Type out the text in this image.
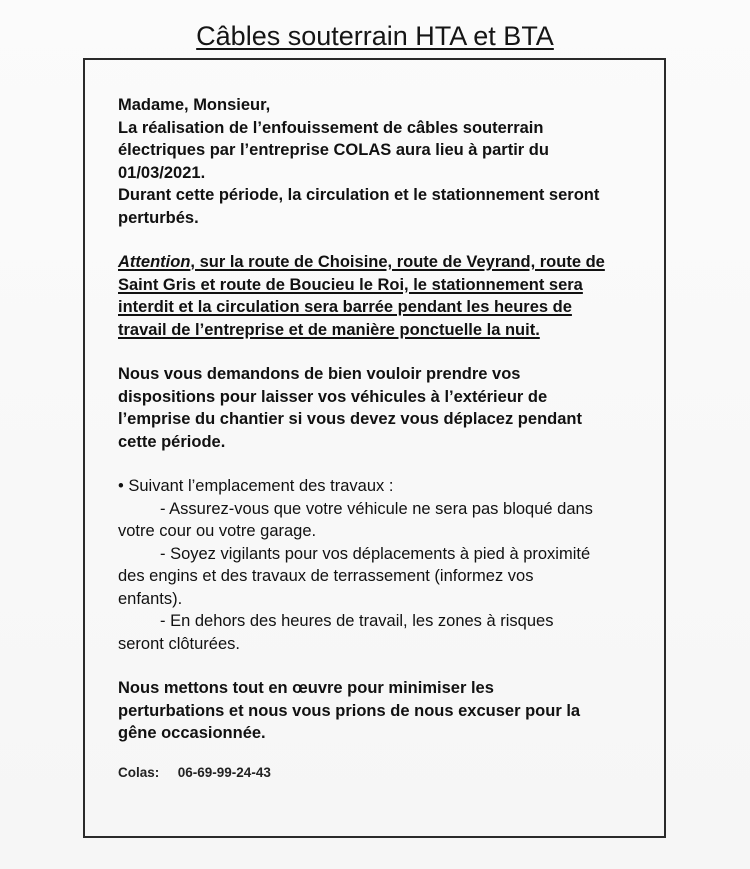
Câbles souterrain HTA et BTA
Madame, Monsieur,
La réalisation de l’enfouissement de câbles souterrain
électriques par l’entreprise COLAS aura lieu à partir du
01/03/2021.
Durant cette période, la circulation et le stationnement seront
perturbés.
Attention, sur la route de Choisine, route de Veyrand, route de
Saint Gris et route de Boucieu le Roi, le stationnement sera
interdit et la circulation sera barrée pendant les heures de
travail de l’entreprise et de manière ponctuelle la nuit.
Nous vous demandons de bien vouloir prendre vos
dispositions pour laisser vos véhicules à l’extérieur de
l’emprise du chantier si vous devez vous déplacez pendant
cette période.
• Suivant l’emplacement des travaux :
- Assurez-vous que votre véhicule ne sera pas bloqué dans
votre cour ou votre garage.
- Soyez vigilants pour vos déplacements à pied à proximité
des engins et des travaux de terrassement (informez vos
enfants).
- En dehors des heures de travail, les zones à risques
seront clôturées.
Nous mettons tout en œuvre pour minimiser les
perturbations et nous vous prions de nous excuser pour la
gêne occasionnée.
Colas: 06-69-99-24-43
